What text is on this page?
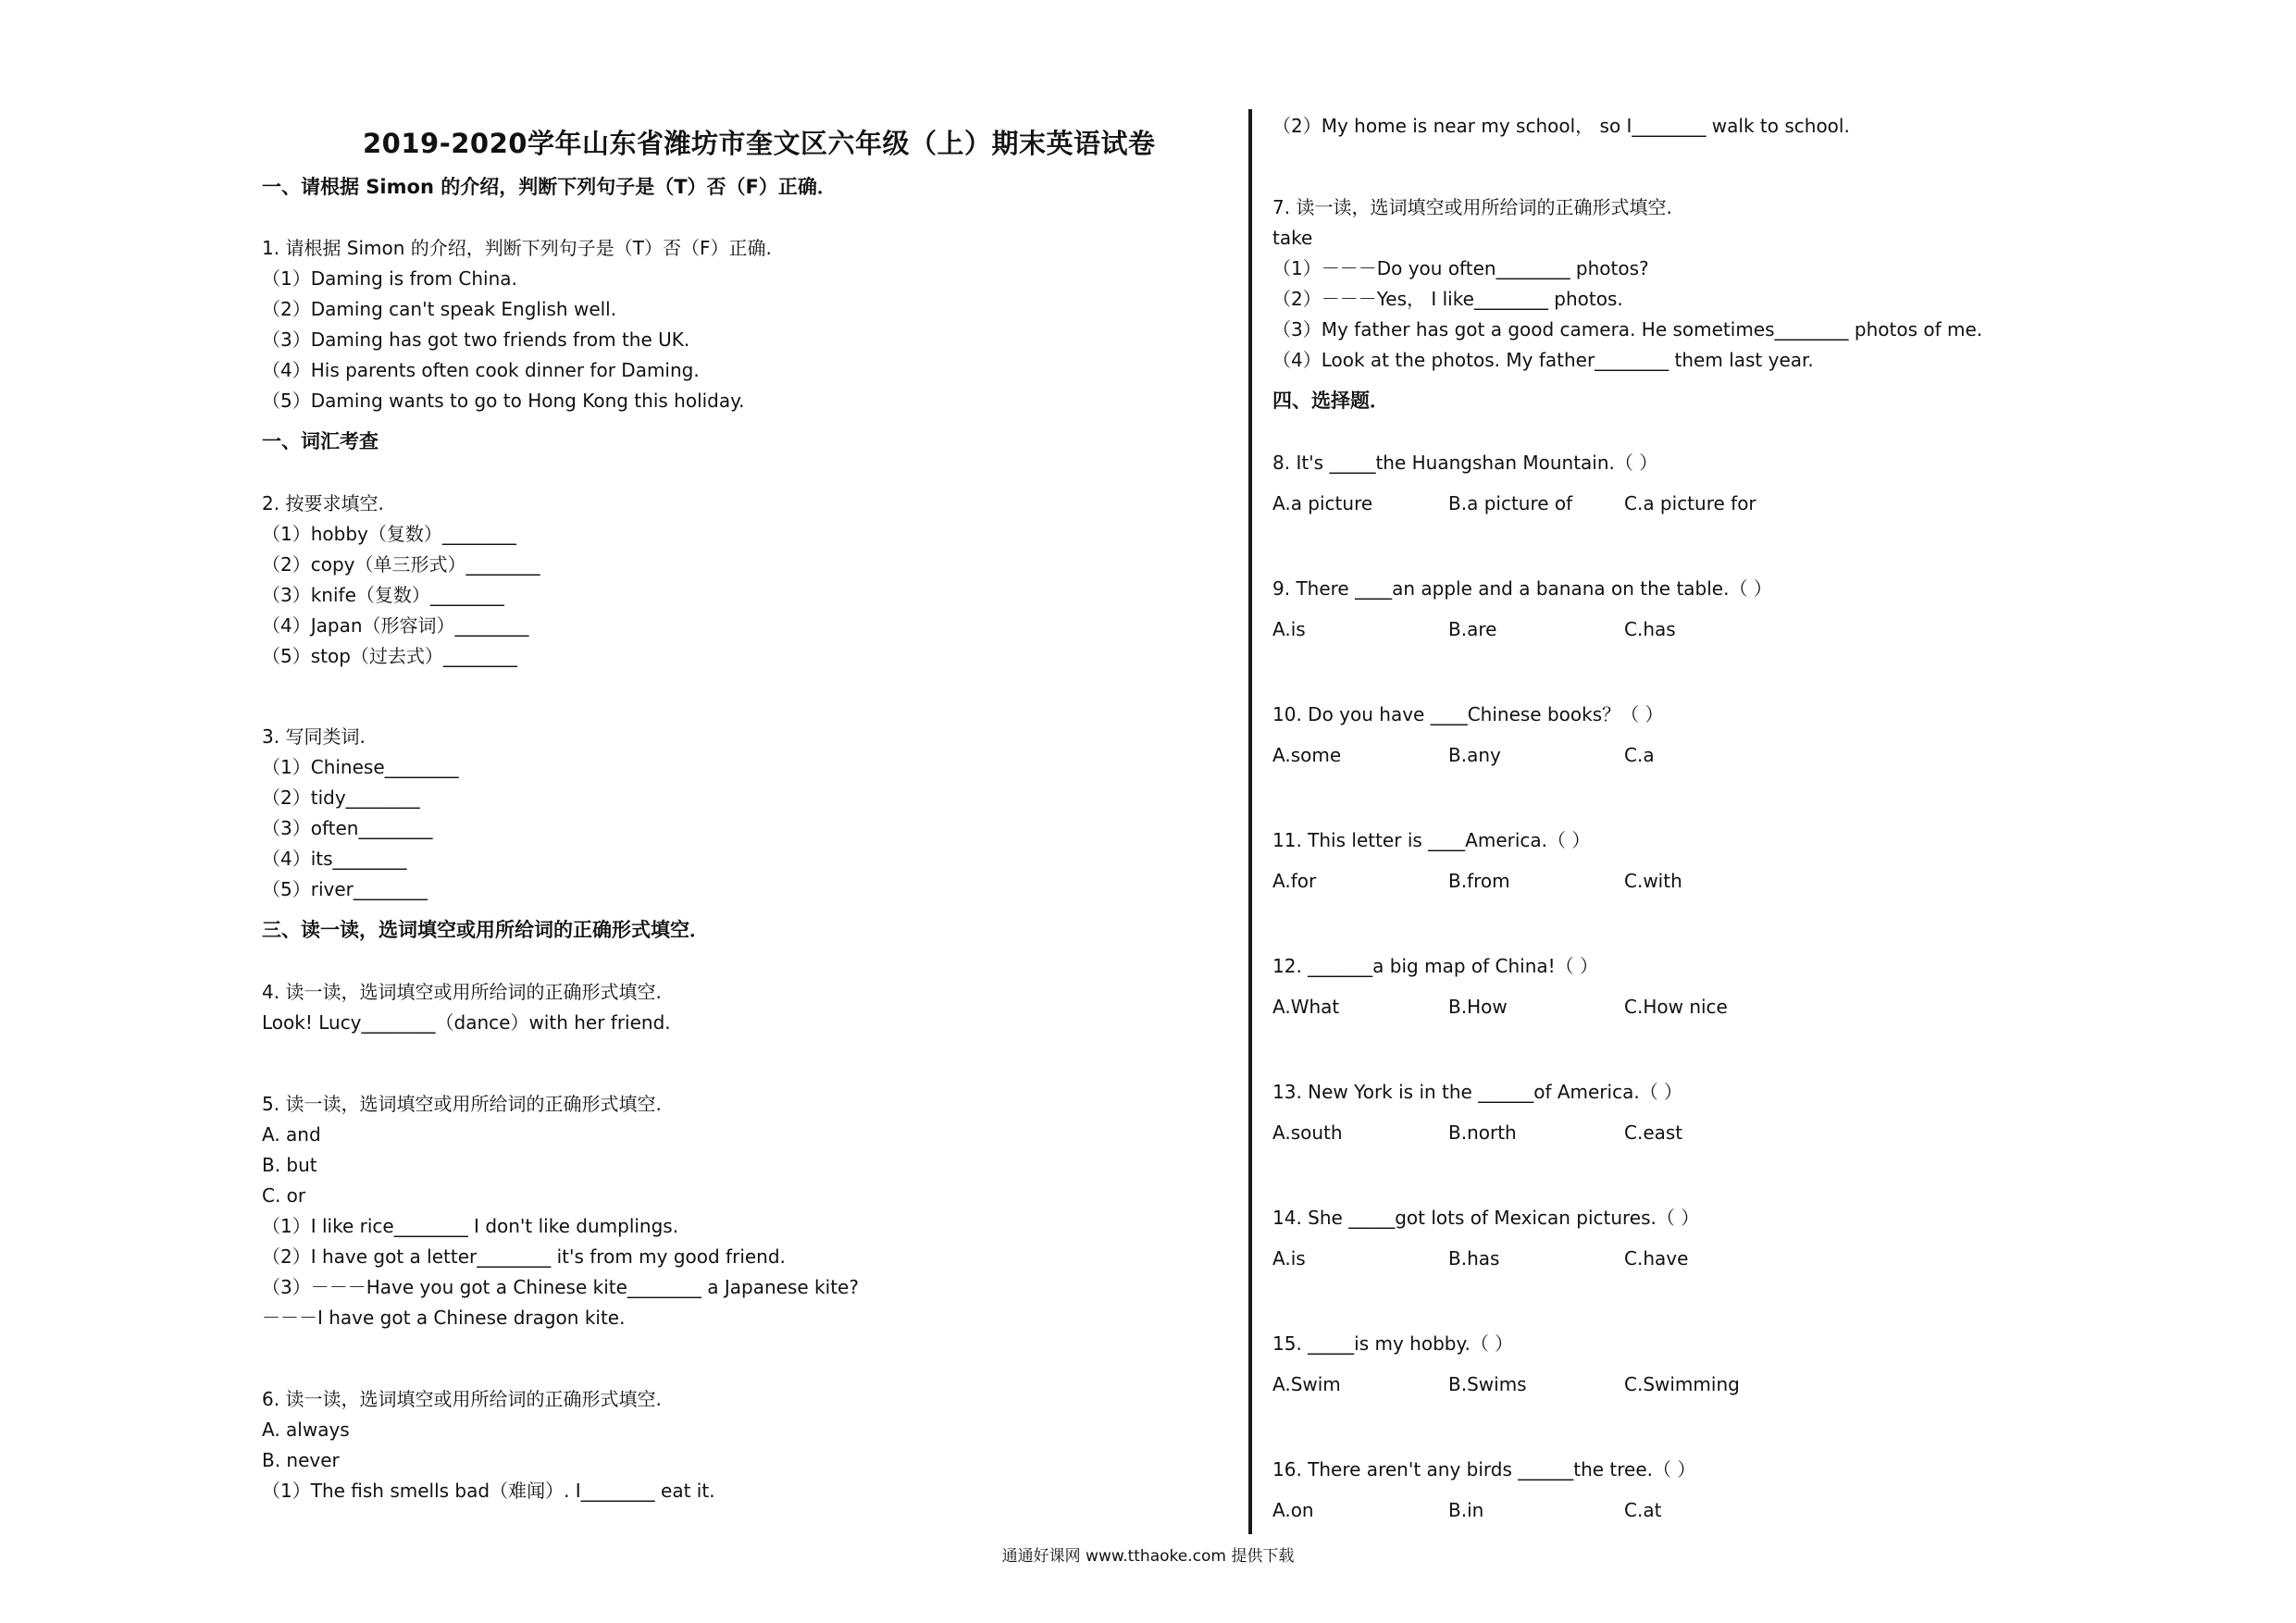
2019-2020学年山东省潍坊市奎文区六年级（上）期末英语试卷
一、请根据 Simon 的介绍，判断下列句子是（T）否（F）正确．
1. 请根据 Simon 的介绍，判断下列句子是（T）否（F）正确.
（1）Daming is from China.
（2）Daming can't speak English well.
（3）Daming has got two friends from the UK.
（4）His parents often cook dinner for Daming.
（5）Daming wants to go to Hong Kong this holiday.
一、词汇考查
2. 按要求填空.
（1）hobby（复数）________
（2）copy（单三形式）________
（3）knife（复数）________
（4）Japan（形容词）________
（5）stop（过去式）________
3. 写同类词.
（1）Chinese________
（2）tidy________
（3）often________
（4）its________
（5）river________
三、读一读，选词填空或用所给词的正确形式填空．
4. 读一读，选词填空或用所给词的正确形式填空.
Look! Lucy________（dance）with her friend.
5. 读一读，选词填空或用所给词的正确形式填空.
A. and
B. but
C. or
（1）I like rice________ I don't like dumplings.
（2）I have got a letter________ it's from my good friend.
（3）－－－Have you got a Chinese kite________ a Japanese kite?
－－－I have got a Chinese dragon kite.
6. 读一读，选词填空或用所给词的正确形式填空.
A. always
B. never
（1）The fish smells bad（难闻）. I________ eat it.
（2）My home is near my school， so I________ walk to school.
7. 读一读，选词填空或用所给词的正确形式填空.
take
（1）－－－Do you often________ photos?
（2）－－－Yes， I like________ photos.
（3）My father has got a good camera. He sometimes________ photos of me.
（4）Look at the photos. My father________ them last year.
四、选择题．
8. It's _____the Huangshan Mountain.（ ）
A.a picture	B.a picture of	C.a picture for
9. There ____an apple and a banana on the table.（ ）
A.is	B.are	C.has
10. Do you have ____Chinese books？（ ）
A.some	B.any	C.a
11. This letter is ____America.（ ）
A.for	B.from	C.with
12. _______a big map of China!（ ）
A.What	B.How	C.How nice
13. New York is in the ______of America.（ ）
A.south	B.north	C.east
14. She _____got lots of Mexican pictures.（ ）
A.is	B.has	C.have
15. _____is my hobby.（ ）
A.Swim	B.Swims	C.Swimming
16. There aren't any birds ______the tree.（ ）
A.on	B.in	C.at
通通好课网 www.tthaoke.com 提供下载
